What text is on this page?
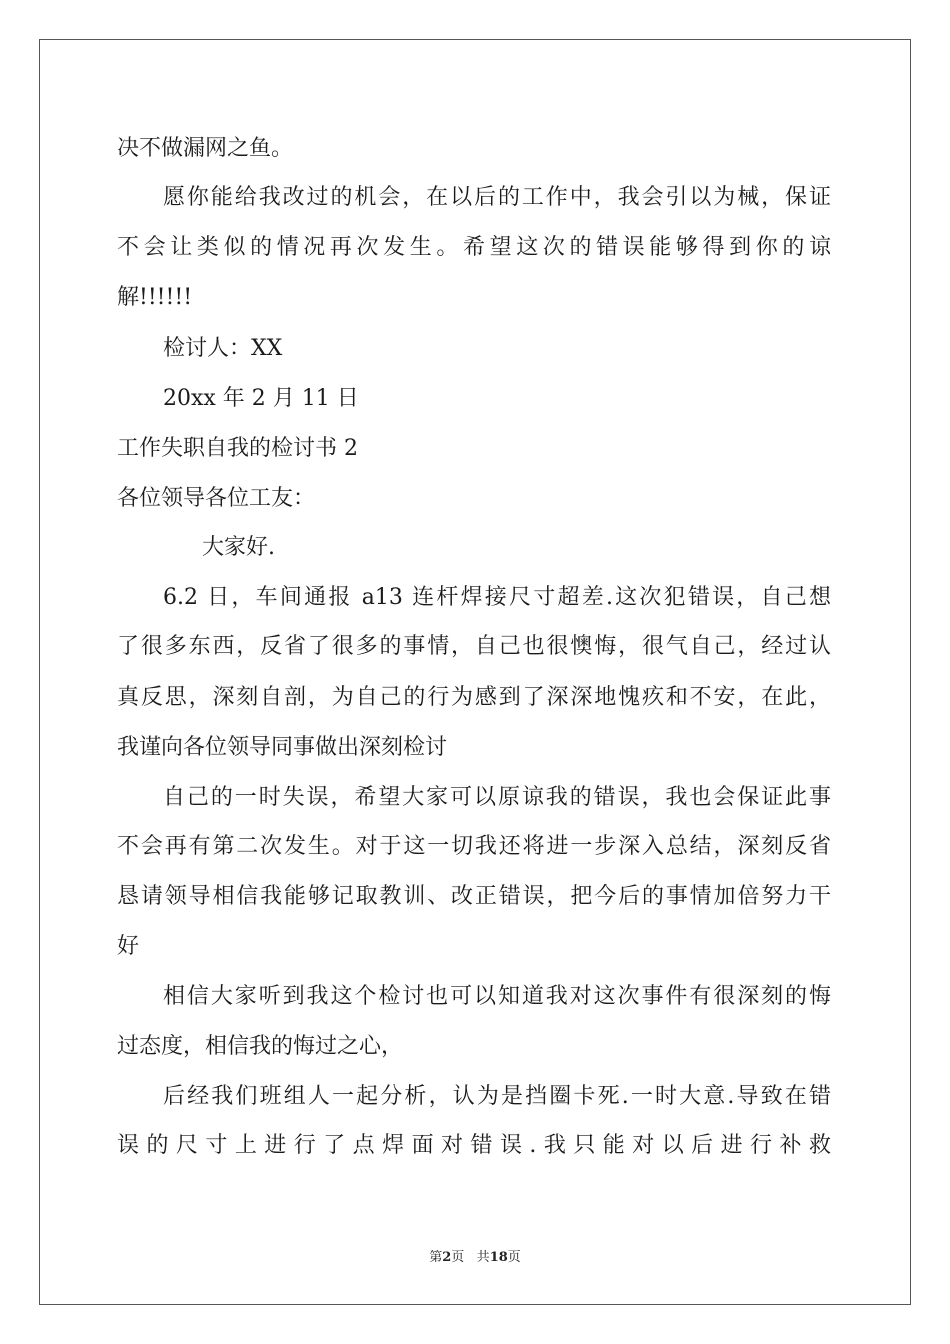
决不做漏网之鱼。
愿你能给我改过的机会，在以后的工作中，我会引以为械，保证
不会让类似的情况再次发生。希望这次的错误能够得到你的谅
解!!!!!!
检讨人：XX
20xx 年 2 月 11 日
工作失职自我的检讨书 2
各位领导各位工友：
大家好.
6.2 日，车间通报 a13 连杆焊接尺寸超差.这次犯错误，自己想
了很多东西，反省了很多的事情，自己也很懊悔，很气自己，经过认
真反思，深刻自剖，为自己的行为感到了深深地愧疚和不安，在此，
我谨向各位领导同事做出深刻检讨
自己的一时失误，希望大家可以原谅我的错误，我也会保证此事
不会再有第二次发生。对于这一切我还将进一步深入总结，深刻反省
恳请领导相信我能够记取教训、改正错误，把今后的事情加倍努力干
好
相信大家听到我这个检讨也可以知道我对这次事件有很深刻的悔
过态度，相信我的悔过之心，
后经我们班组人一起分析，认为是挡圈卡死.一时大意.导致在错
误的尺寸上进行了点焊面对错误.我只能对以后进行补救
第2页 共18页
